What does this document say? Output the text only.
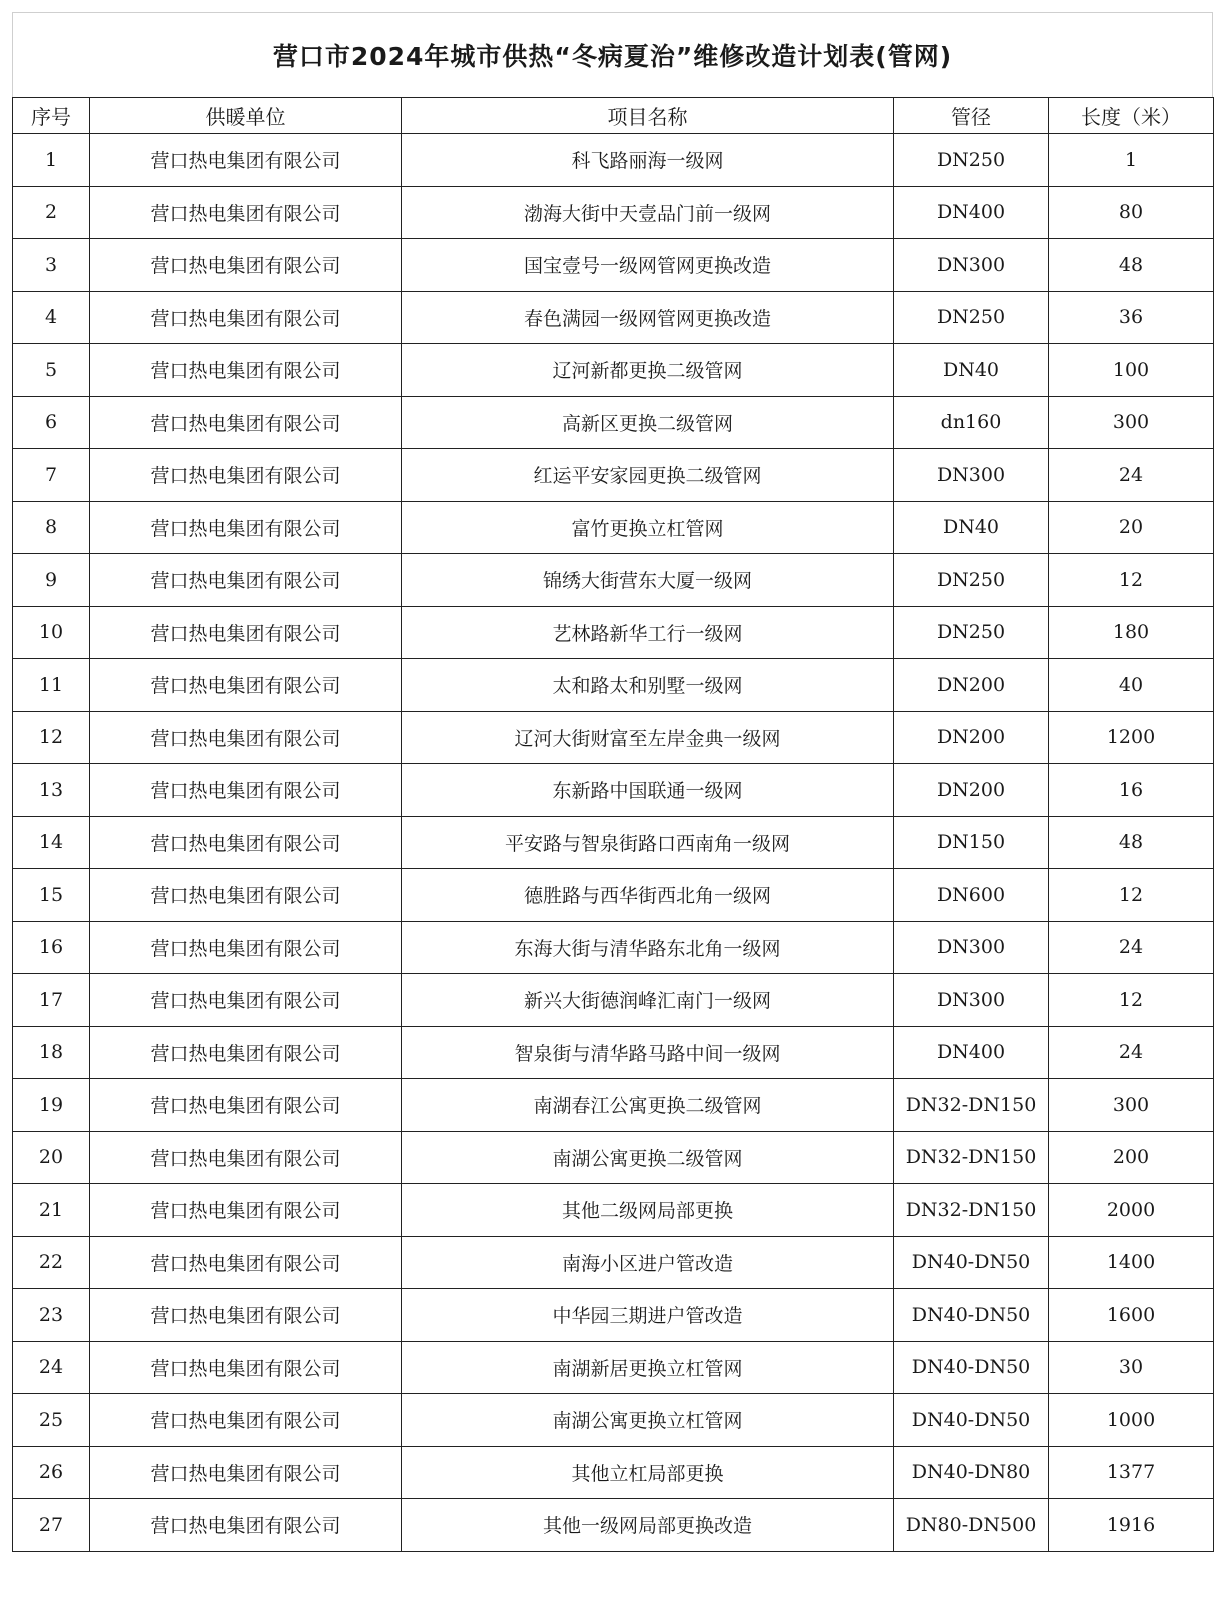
营口市2024年城市供热“冬病夏治”维修改造计划表(管网)
序号	供暖单位	项目名称	管径	长度（米）
1	营口热电集团有限公司	科飞路丽海一级网	DN250	1
2	营口热电集团有限公司	渤海大街中天壹品门前一级网	DN400	80
3	营口热电集团有限公司	国宝壹号一级网管网更换改造	DN300	48
4	营口热电集团有限公司	春色满园一级网管网更换改造	DN250	36
5	营口热电集团有限公司	辽河新都更换二级管网	DN40	100
6	营口热电集团有限公司	高新区更换二级管网	dn160	300
7	营口热电集团有限公司	红运平安家园更换二级管网	DN300	24
8	营口热电集团有限公司	富竹更换立杠管网	DN40	20
9	营口热电集团有限公司	锦绣大街营东大厦一级网	DN250	12
10	营口热电集团有限公司	艺林路新华工行一级网	DN250	180
11	营口热电集团有限公司	太和路太和别墅一级网	DN200	40
12	营口热电集团有限公司	辽河大街财富至左岸金典一级网	DN200	1200
13	营口热电集团有限公司	东新路中国联通一级网	DN200	16
14	营口热电集团有限公司	平安路与智泉街路口西南角一级网	DN150	48
15	营口热电集团有限公司	德胜路与西华街西北角一级网	DN600	12
16	营口热电集团有限公司	东海大街与清华路东北角一级网	DN300	24
17	营口热电集团有限公司	新兴大街德润峰汇南门一级网	DN300	12
18	营口热电集团有限公司	智泉街与清华路马路中间一级网	DN400	24
19	营口热电集团有限公司	南湖春江公寓更换二级管网	DN32-DN150	300
20	营口热电集团有限公司	南湖公寓更换二级管网	DN32-DN150	200
21	营口热电集团有限公司	其他二级网局部更换	DN32-DN150	2000
22	营口热电集团有限公司	南海小区进户管改造	DN40-DN50	1400
23	营口热电集团有限公司	中华园三期进户管改造	DN40-DN50	1600
24	营口热电集团有限公司	南湖新居更换立杠管网	DN40-DN50	30
25	营口热电集团有限公司	南湖公寓更换立杠管网	DN40-DN50	1000
26	营口热电集团有限公司	其他立杠局部更换	DN40-DN80	1377
27	营口热电集团有限公司	其他一级网局部更换改造	DN80-DN500	1916
